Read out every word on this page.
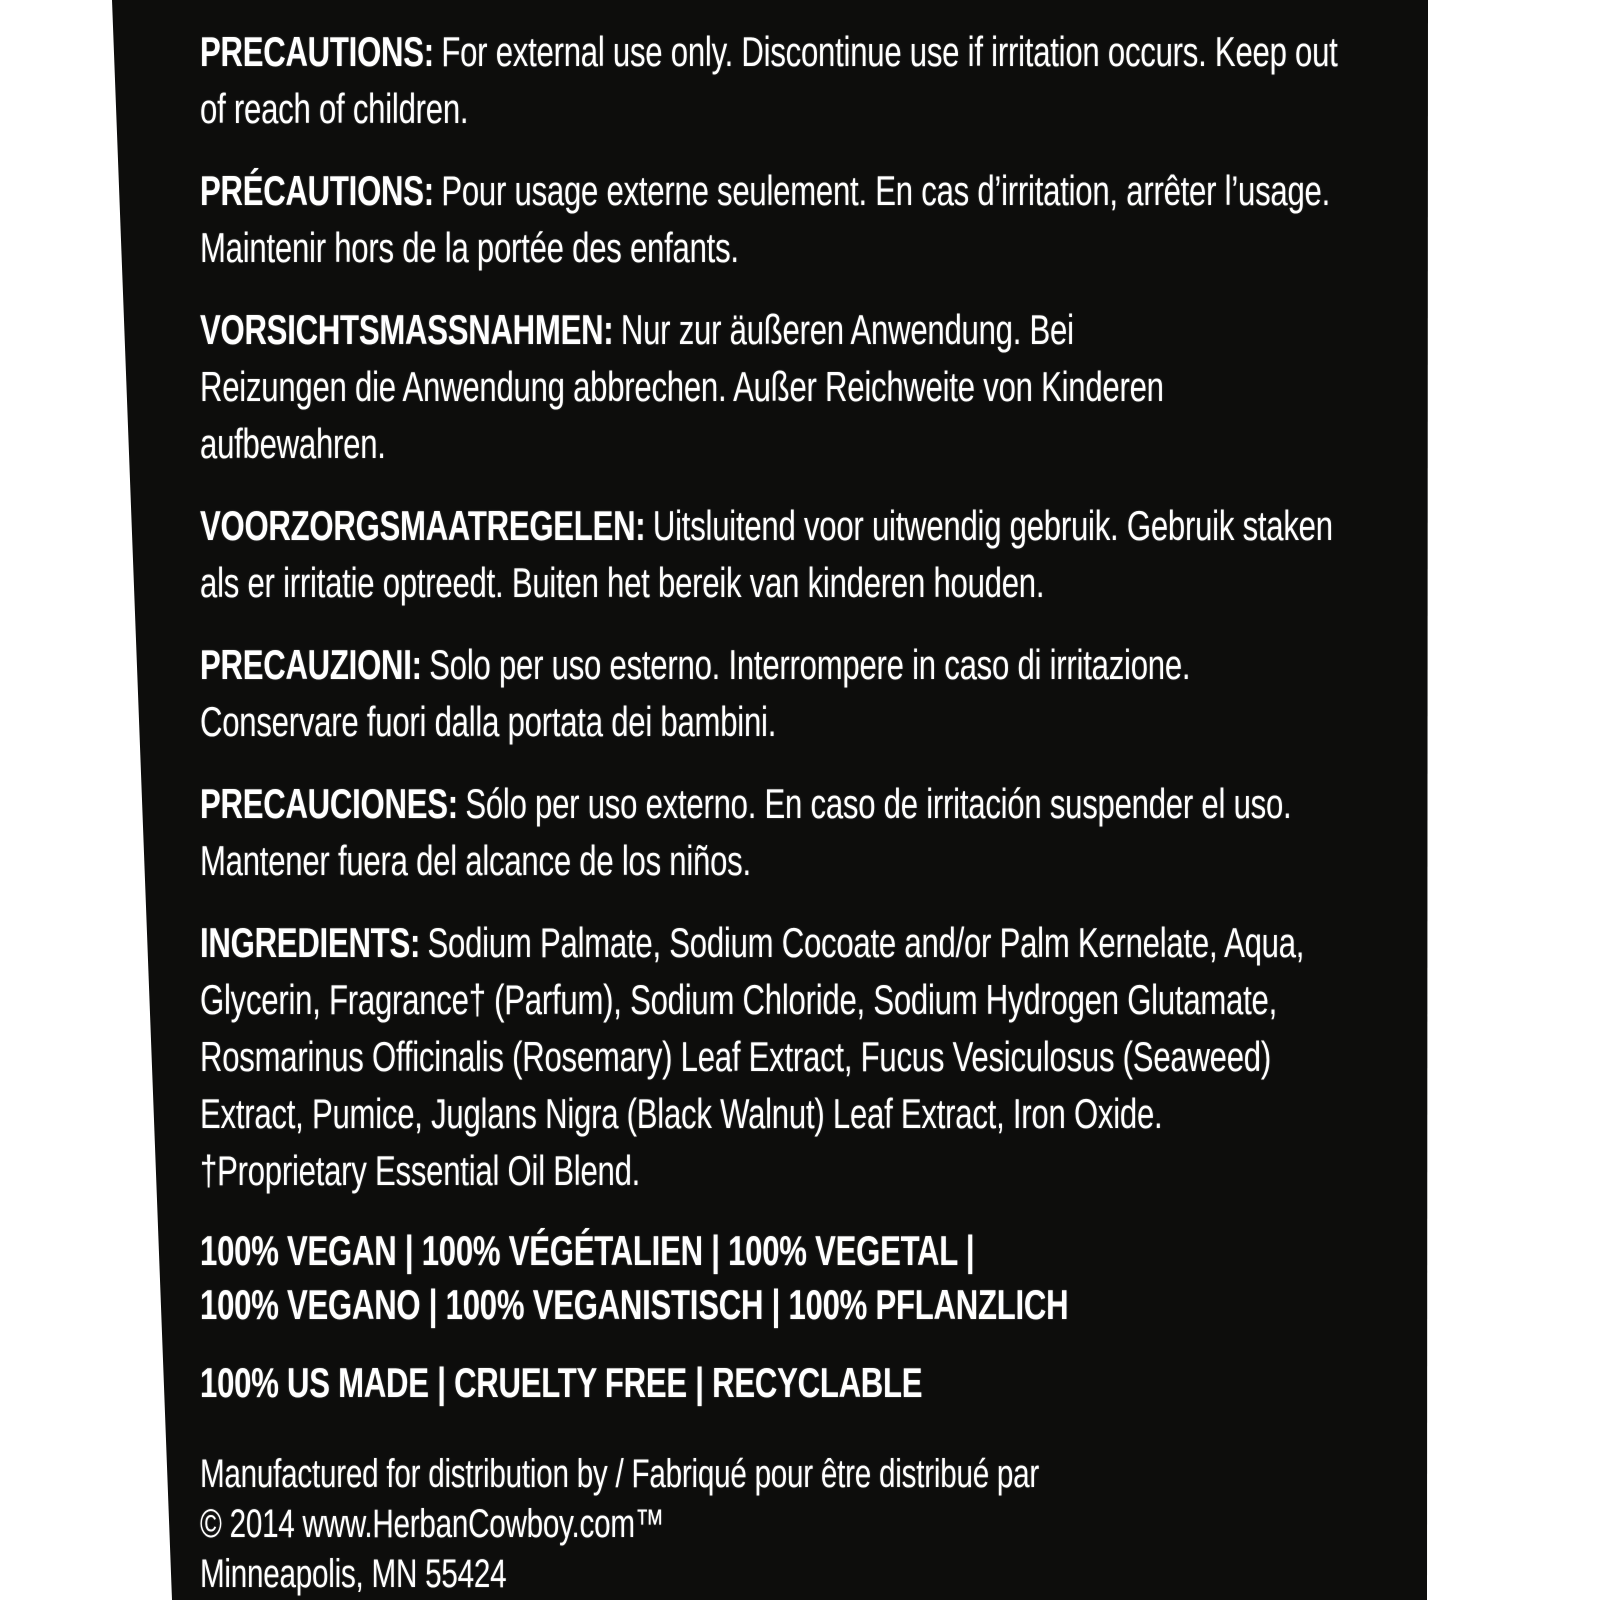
PRECAUTIONS: For external use only. Discontinue use if irritation occurs. Keep out
of reach of children.
PRÉCAUTIONS: Pour usage externe seulement. En cas d’irritation, arrêter l’usage.
Maintenir hors de la portée des enfants.
VORSICHTSMASSNAHMEN: Nur zur äußeren Anwendung. Bei
Reizungen die Anwendung abbrechen. Außer Reichweite von Kinderen
aufbewahren.
VOORZORGSMAATREGELEN: Uitsluitend voor uitwendig gebruik. Gebruik staken
als er irritatie optreedt. Buiten het bereik van kinderen houden.
PRECAUZIONI: Solo per uso esterno. Interrompere in caso di irritazione.
Conservare fuori dalla portata dei bambini.
PRECAUCIONES: Sólo per uso externo. En caso de irritación suspender el uso.
Mantener fuera del alcance de los niños.
INGREDIENTS: Sodium Palmate, Sodium Cocoate and/or Palm Kernelate, Aqua,
Glycerin, Fragrance† (Parfum), Sodium Chloride, Sodium Hydrogen Glutamate,
Rosmarinus Officinalis (Rosemary) Leaf Extract, Fucus Vesiculosus (Seaweed)
Extract, Pumice, Juglans Nigra (Black Walnut) Leaf Extract, Iron Oxide.
†Proprietary Essential Oil Blend.
100% VEGAN | 100% VÉGÉTALIEN | 100% VEGETAL |
100% VEGANO | 100% VEGANISTISCH | 100% PFLANZLICH
100% US MADE | CRUELTY FREE | RECYCLABLE
Manufactured for distribution by / Fabriqué pour être distribué par
© 2014 www.HerbanCowboy.com™
Minneapolis, MN 55424
